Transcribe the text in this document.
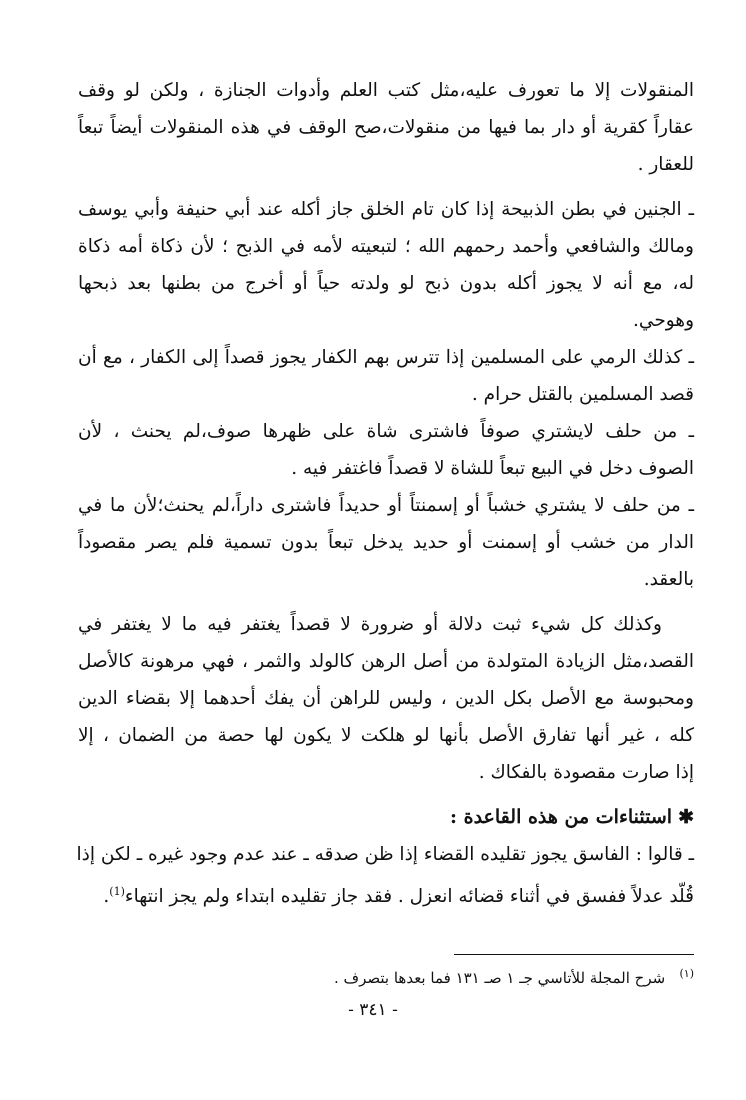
المنقولات إلا ما تعورف عليه،مثل كتب العلم وأدوات الجنازة ، ولكن لو وقف
عقاراً كقرية أو دار بما فيها من منقولات،صح الوقف في هذه المنقولات أيضاً تبعاً
للعقار .
ـ الجنين في بطن الذبيحة إذا كان تام الخلق جاز أكله عند أبي حنيفة وأبي يوسف
ومالك والشافعي وأحمد رحمهم الله ؛ لتبعيته لأمه في الذبح ؛ لأن ذكاة أمه ذكاة
له، مع أنه لا يجوز أكله بدون ذبح لو ولدته حياً أو أخرج من بطنها بعد ذبحها
وهوحي.
ـ كذلك الرمي على المسلمين إذا تترس بهم الكفار يجوز قصداً إلى الكفار ، مع أن
قصد المسلمين بالقتل حرام .
ـ من حلف لايشتري صوفاً فاشترى شاة على ظهرها صوف،لم يحنث ، لأن
الصوف دخل في البيع تبعاً للشاة لا قصداً فاغتفر فيه .
ـ من حلف لا يشتري خشباً أو إسمنتاً أو حديداً فاشترى داراً،لم يحنث؛لأن ما في
الدار من خشب أو إسمنت أو حديد يدخل تبعاً بدون تسمية فلم يصر مقصوداً
بالعقد.
وكذلك كل شيء ثبت دلالة أو ضرورة لا قصداً يغتفر فيه ما لا يغتفر في
القصد،مثل الزيادة المتولدة من أصل الرهن كالولد والثمر ، فهي مرهونة كالأصل
ومحبوسة مع الأصل بكل الدين ، وليس للراهن أن يفك أحدهما إلا بقضاء الدين
كله ، غير أنها تفارق الأصل بأنها لو هلكت لا يكون لها حصة من الضمان ، إلا
إذا صارت مقصودة بالفكاك .
✱استثناءات من هذه القاعدة :
ـ قالوا : الفاسق يجوز تقليده القضاء إذا ظن صدقه ـ عند عدم وجود غيره ـ لكن إذا
قُلّد عدلاً ففسق في أثناء قضائه انعزل . فقد جاز تقليده ابتداء ولم يجز انتهاء$^{(1)}$.
$^{(١)}$   شرح المجلة للأتاسي جـ ١ صـ ١٣١ فما بعدها بتصرف .
- ٣٤١ -
